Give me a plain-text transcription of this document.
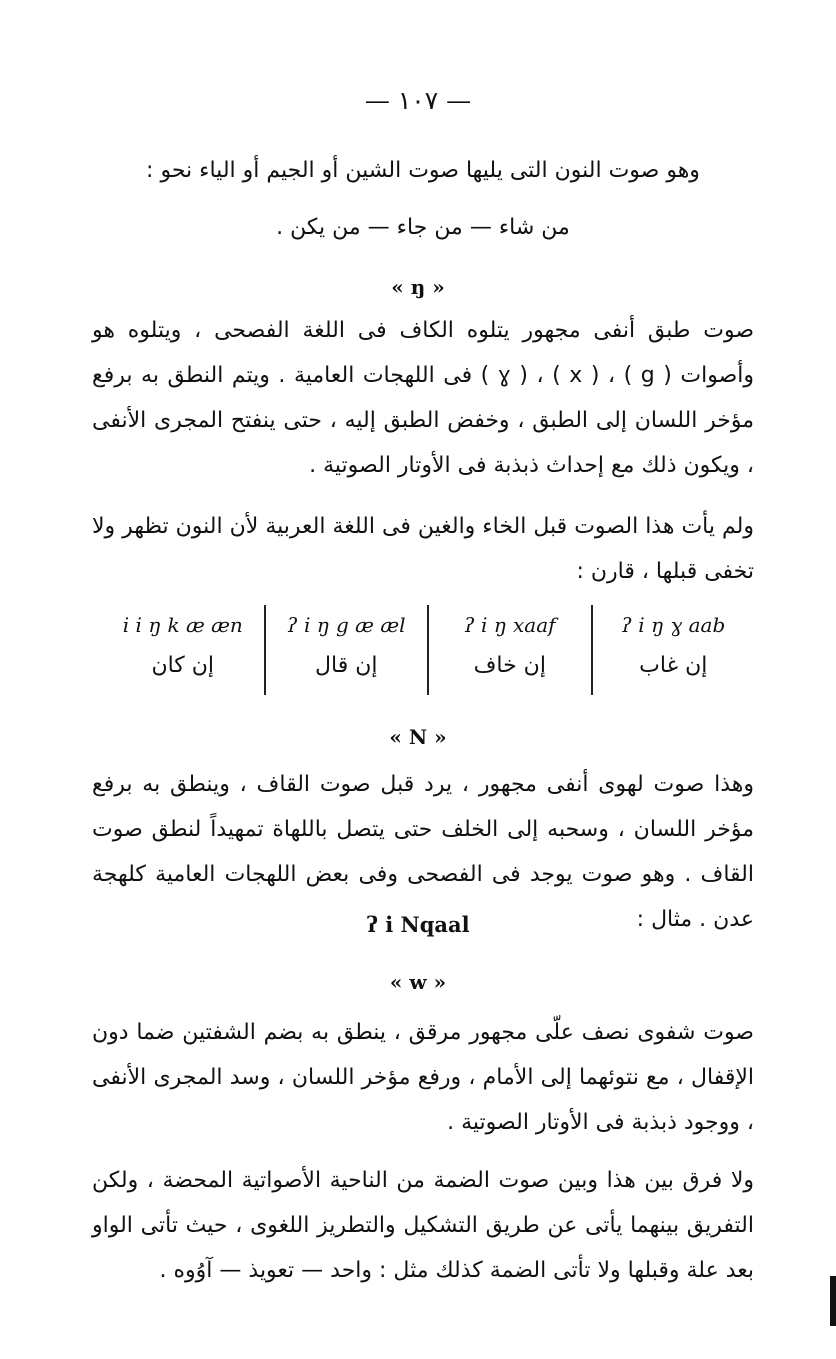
— ١٠٧ —
وهو صوت النون التى يليها صوت الشين أو الجيم أو الياء نحو :
من شاء — من جاء — من يكن .
« ŋ »
صوت طبق أنفى مجهور يتلوه الكاف فى اللغة الفصحى ، ويتلوه هو وأصوات ( g ) ، ( x ) ، ( ɣ ) فى اللهجات العامية . ويتم النطق به برفع مؤخر اللسان إلى الطبق ، وخفض الطبق إليه ، حتى ينفتح المجرى الأنفى ، ويكون ذلك مع إحداث ذبذبة فى الأوتار الصوتية .
ولم يأت هذا الصوت قبل الخاء والغين فى اللغة العربية لأن النون تظهر ولا تخفى قبلها ، قارن :
ʔ i ŋ ɣ aab
إن غاب
ʔ i ŋ xaaf
إن خاف
ʔ i ŋ g æ æl
إن قال
i i ŋ k æ æn
إن كان
« N »
وهذا صوت لهوى أنفى مجهور ، يرد قبل صوت القاف ، وينطق به برفع مؤخر اللسان ، وسحبه إلى الخلف حتى يتصل باللهاة تمهيداً لنطق صوت القاف . وهو صوت يوجد فى الفصحى وفى بعض اللهجات العامية كلهجة عدن . مثال :
ʔ i Nqaal
« w »
صوت شفوى نصف علّى مجهور مرقق ، ينطق به بضم الشفتين ضما دون الإقفال ، مع نتوئهما إلى الأمام ، ورفع مؤخر اللسان ، وسد المجرى الأنفى ، ووجود ذبذبة فى الأوتار الصوتية .
ولا فرق بين هذا وبين صوت الضمة من الناحية الأصواتية المحضة ، ولكن التفريق بينهما يأتى عن طريق التشكيل والتطريز اللغوى ، حيث تأتى الواو بعد علة وقبلها ولا تأتى الضمة كذلك مثل : واحد — تعويذ — آوُوه .
